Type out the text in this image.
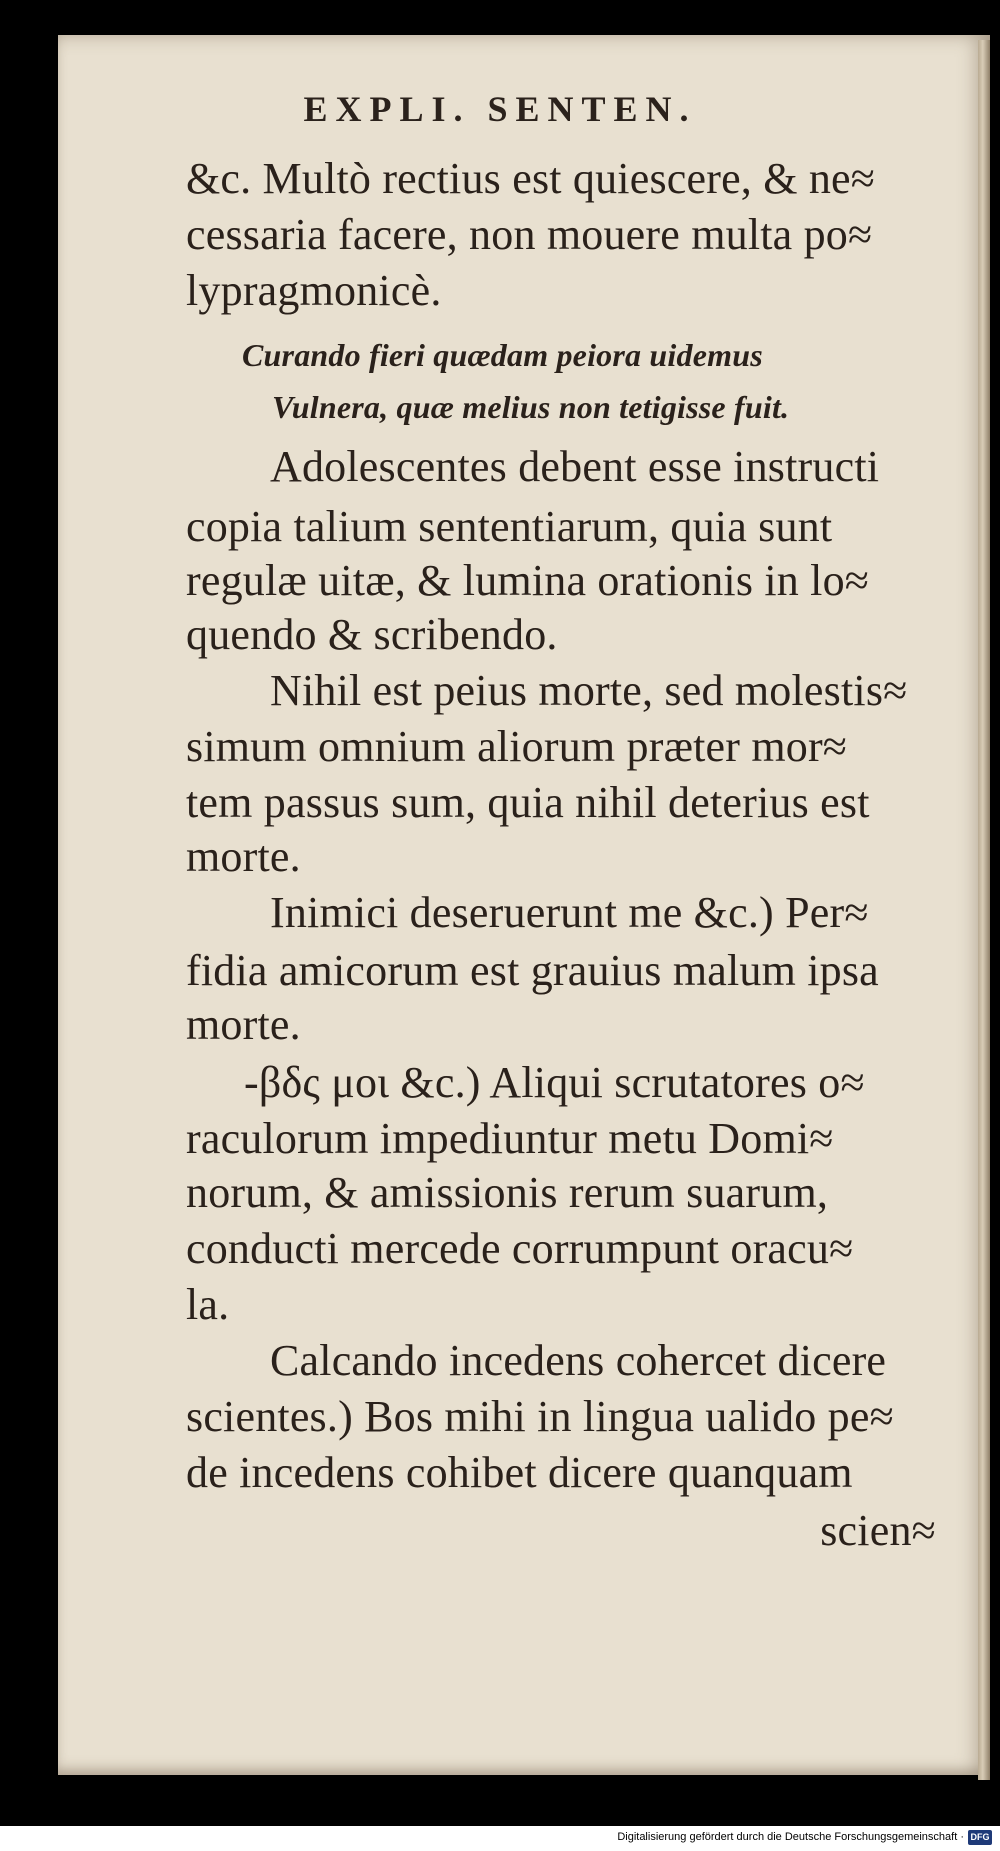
EXPLI. SENTEN.
&c. Multò rectius est quiescere, & ne≈
cessaria facere, non mouere multa po≈
lypragmonicè.
Curando fieri quædam peiora uidemus
Vulnera, quæ melius non tetigisse fuit.
Adolescentes debent esse instructi
copia talium sententiarum, quia sunt
regulæ uitæ, & lumina orationis in lo≈
quendo & scribendo.
Nihil est peius morte, sed molestis≈
simum omnium aliorum præter mor≈
tem passus sum, quia nihil deterius est
morte.
Inimici deseruerunt me &c.) Per≈
fidia amicorum est grauius malum ipsa
morte.
-βδς μοι &c.) Aliqui scrutatores o≈
raculorum impediuntur metu Domi≈
norum, & amissionis rerum suarum,
conducti mercede corrumpunt oracu≈
la.
Calcando incedens cohercet dicere
scientes.) Bos mihi in lingua ualido pe≈
de incedens cohibet dicere quanquam
scien≈
Digitalisierung gefördert durch die Deutsche Forschungsgemeinschaft · DFG
